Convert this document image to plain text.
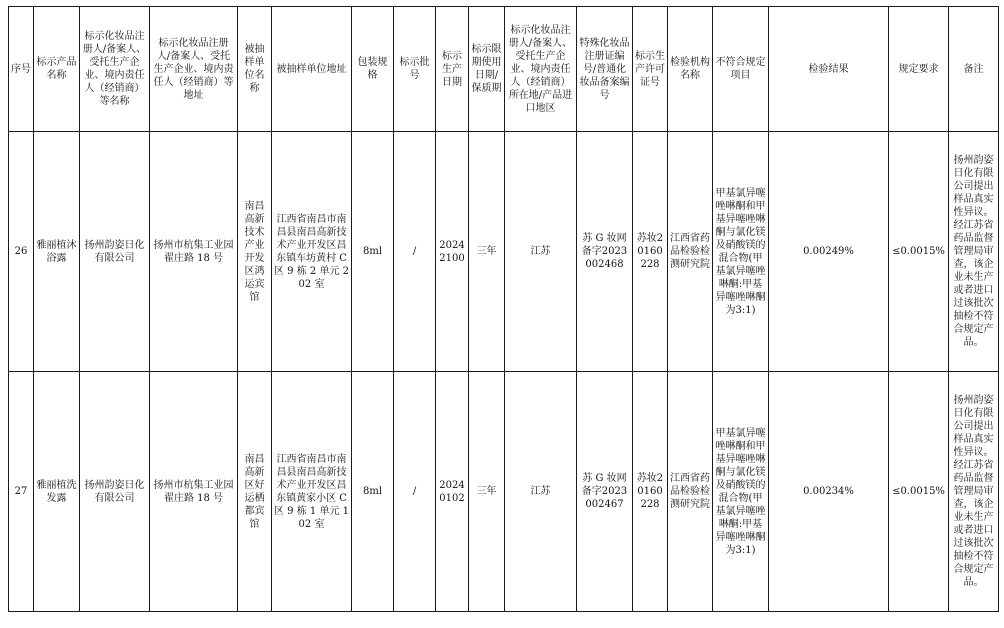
序号	标示产品名称	标示化妆品注册人/备案人、受托生产企业、境内责任人（经销商）等名称	标示化妆品注册人/备案人、受托生产企业、境内责任人（经销商）等地址	被抽样单位名称	被抽样单位地址	包装规格	标示批号	标示生产日期	标示限期使用日期/保质期	标示化妆品注册人/备案人、受托生产企业、境内责任人（经销商）所在地/产品进口地区	特殊化妆品注册证编号/普通化妆品备案编号	标示生产许可证号	检验机构名称	不符合规定项目	检验结果	规定要求	备注
26	雅丽植沐浴露	扬州韵姿日化有限公司	扬州市杭集工业园翟庄路 18 号	南昌高新技术产业开发区鸿运宾馆	江西省南昌市南昌县南昌高新技术产业开发区昌东镇车坊黄村 C 区 9 栋 2 单元 202 室	8ml	/	20242100	三年	江苏	苏 G 妆网备字2023002468	苏妆20160228	江西省药品检验检测研究院	甲基氯异噻唑啉酮和甲基异噻唑啉酮与氯化镁及硝酸镁的混合物(甲基氯异噻唑啉酮:甲基异噻唑啉酮为3:1)	0.00249%	≤0.0015%	扬州韵姿日化有限公司提出样品真实性异议。经江苏省药品监督管理局审查，该企业未生产或者进口过该批次抽检不符合规定产品。
27	雅丽植洗发露	扬州韵姿日化有限公司	扬州市杭集工业园翟庄路 18 号	南昌高新区好运栖都宾馆	江西省南昌市南昌县南昌高新技术产业开发区昌东镇黄家小区 C 区 9 栋 1 单元 102 室	8ml	/	20240102	三年	江苏	苏 G 妆网备字2023002467	苏妆20160228	江西省药品检验检测研究院	甲基氯异噻唑啉酮和甲基异噻唑啉酮与氯化镁及硝酸镁的混合物(甲基氯异噻唑啉酮:甲基异噻唑啉酮为3:1)	0.00234%	≤0.0015%	扬州韵姿日化有限公司提出样品真实性异议。经江苏省药品监督管理局审查，该企业未生产或者进口过该批次抽检不符合规定产品。
